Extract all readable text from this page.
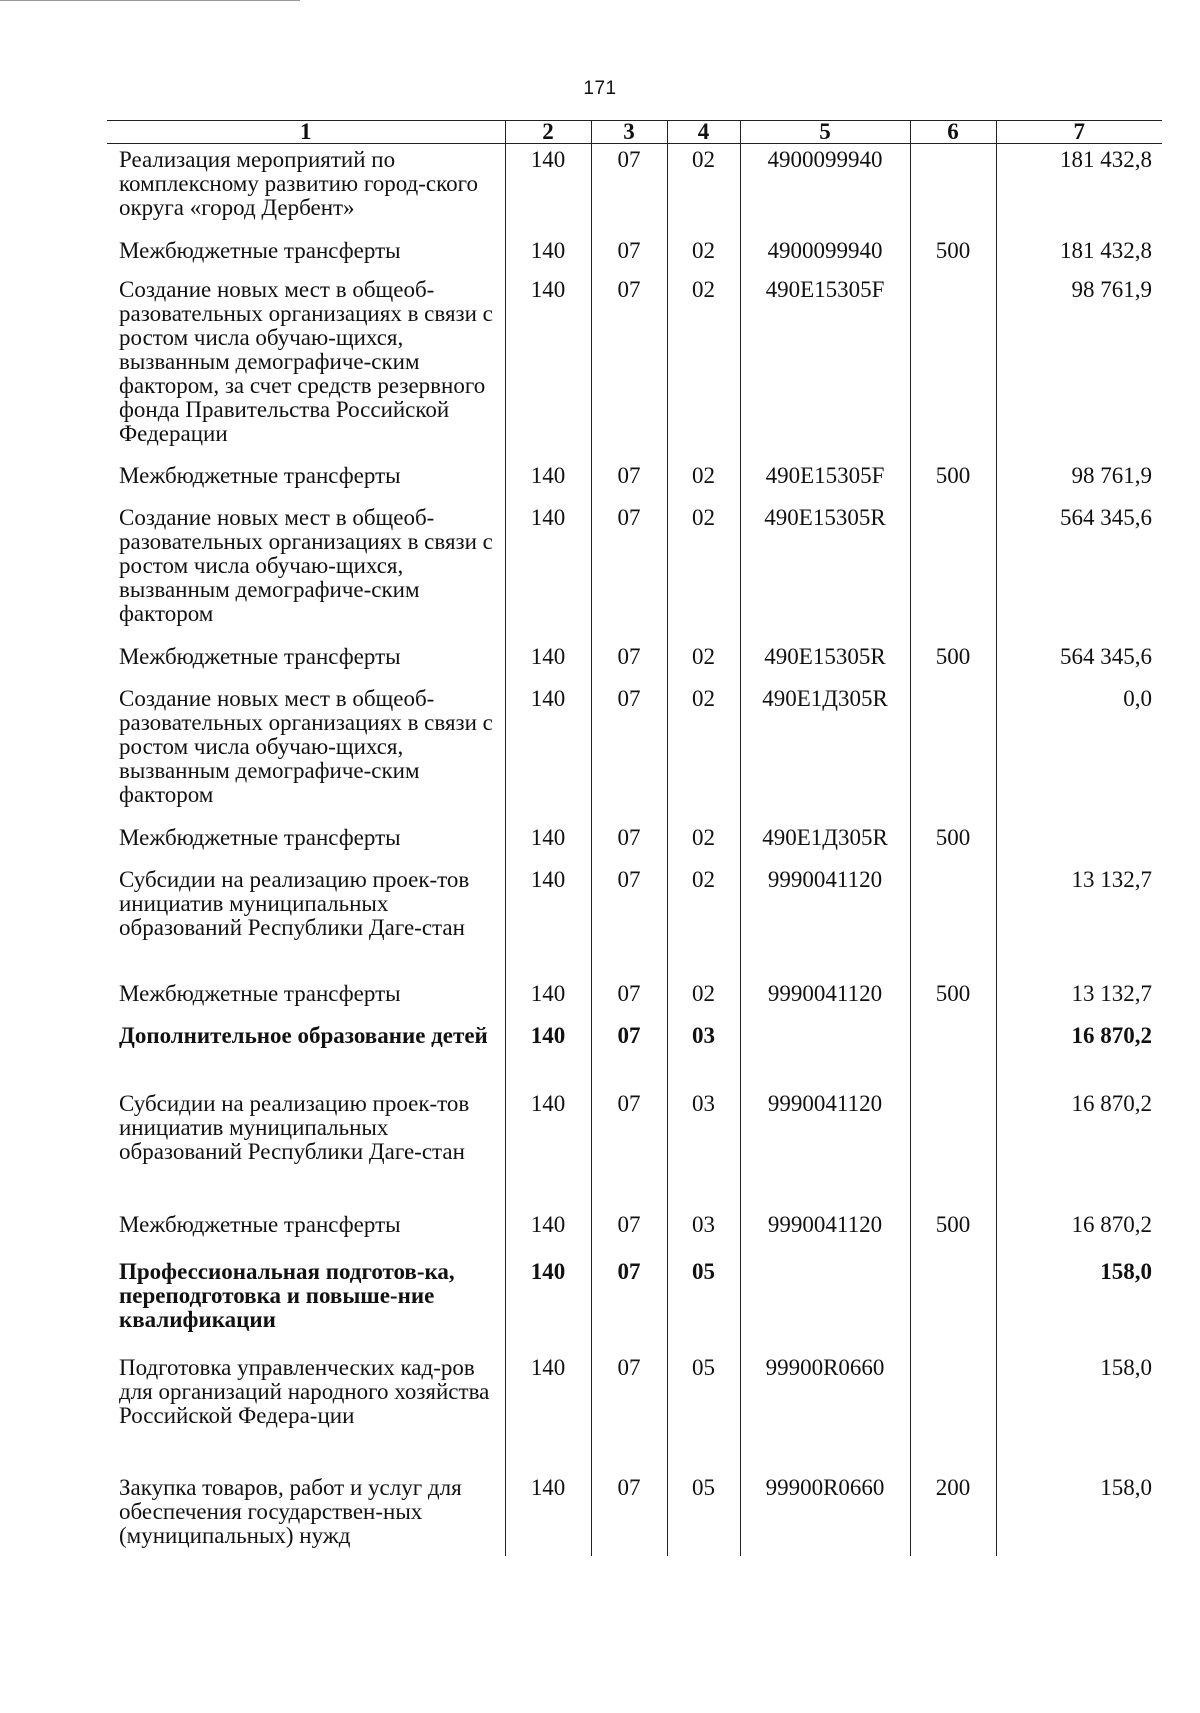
171
1	2	3	4	5	6	7
Реализация мероприятий по комплексному развитию город-ского округа «город Дербент»	140	07	02	4900099940		181 432,8
Межбюджетные трансферты	140	07	02	4900099940	500	181 432,8
Создание новых мест в общеоб-разовательных организациях в связи с ростом числа обучаю-щихся, вызванным демографиче-ским фактором, за счет средств резервного фонда Правительства Российской Федерации	140	07	02	490E15305F		98 761,9
Межбюджетные трансферты	140	07	02	490E15305F	500	98 761,9
Создание новых мест в общеоб-разовательных организациях в связи с ростом числа обучаю-щихся, вызванным демографиче-ским фактором	140	07	02	490E15305R		564 345,6
Межбюджетные трансферты	140	07	02	490E15305R	500	564 345,6
Создание новых мест в общеоб-разовательных организациях в связи с ростом числа обучаю-щихся, вызванным демографиче-ским фактором	140	07	02	490E1Д305R		0,0
Межбюджетные трансферты	140	07	02	490E1Д305R	500	
Субсидии на реализацию проек-тов инициатив муниципальных образований Республики Даге-стан	140	07	02	9990041120		13 132,7
Межбюджетные трансферты	140	07	02	9990041120	500	13 132,7
Дополнительное образование детей	140	07	03			16 870,2
Субсидии на реализацию проек-тов инициатив муниципальных образований Республики Даге-стан	140	07	03	9990041120		16 870,2
Межбюджетные трансферты	140	07	03	9990041120	500	16 870,2
Профессиональная подготов-ка, переподготовка и повыше-ние квалификации	140	07	05			158,0
Подготовка управленческих кад-ров для организаций народного хозяйства Российской Федера-ции	140	07	05	99900R0660		158,0
Закупка товаров, работ и услуг для обеспечения государствен-ных (муниципальных) нужд	140	07	05	99900R0660	200	158,0
